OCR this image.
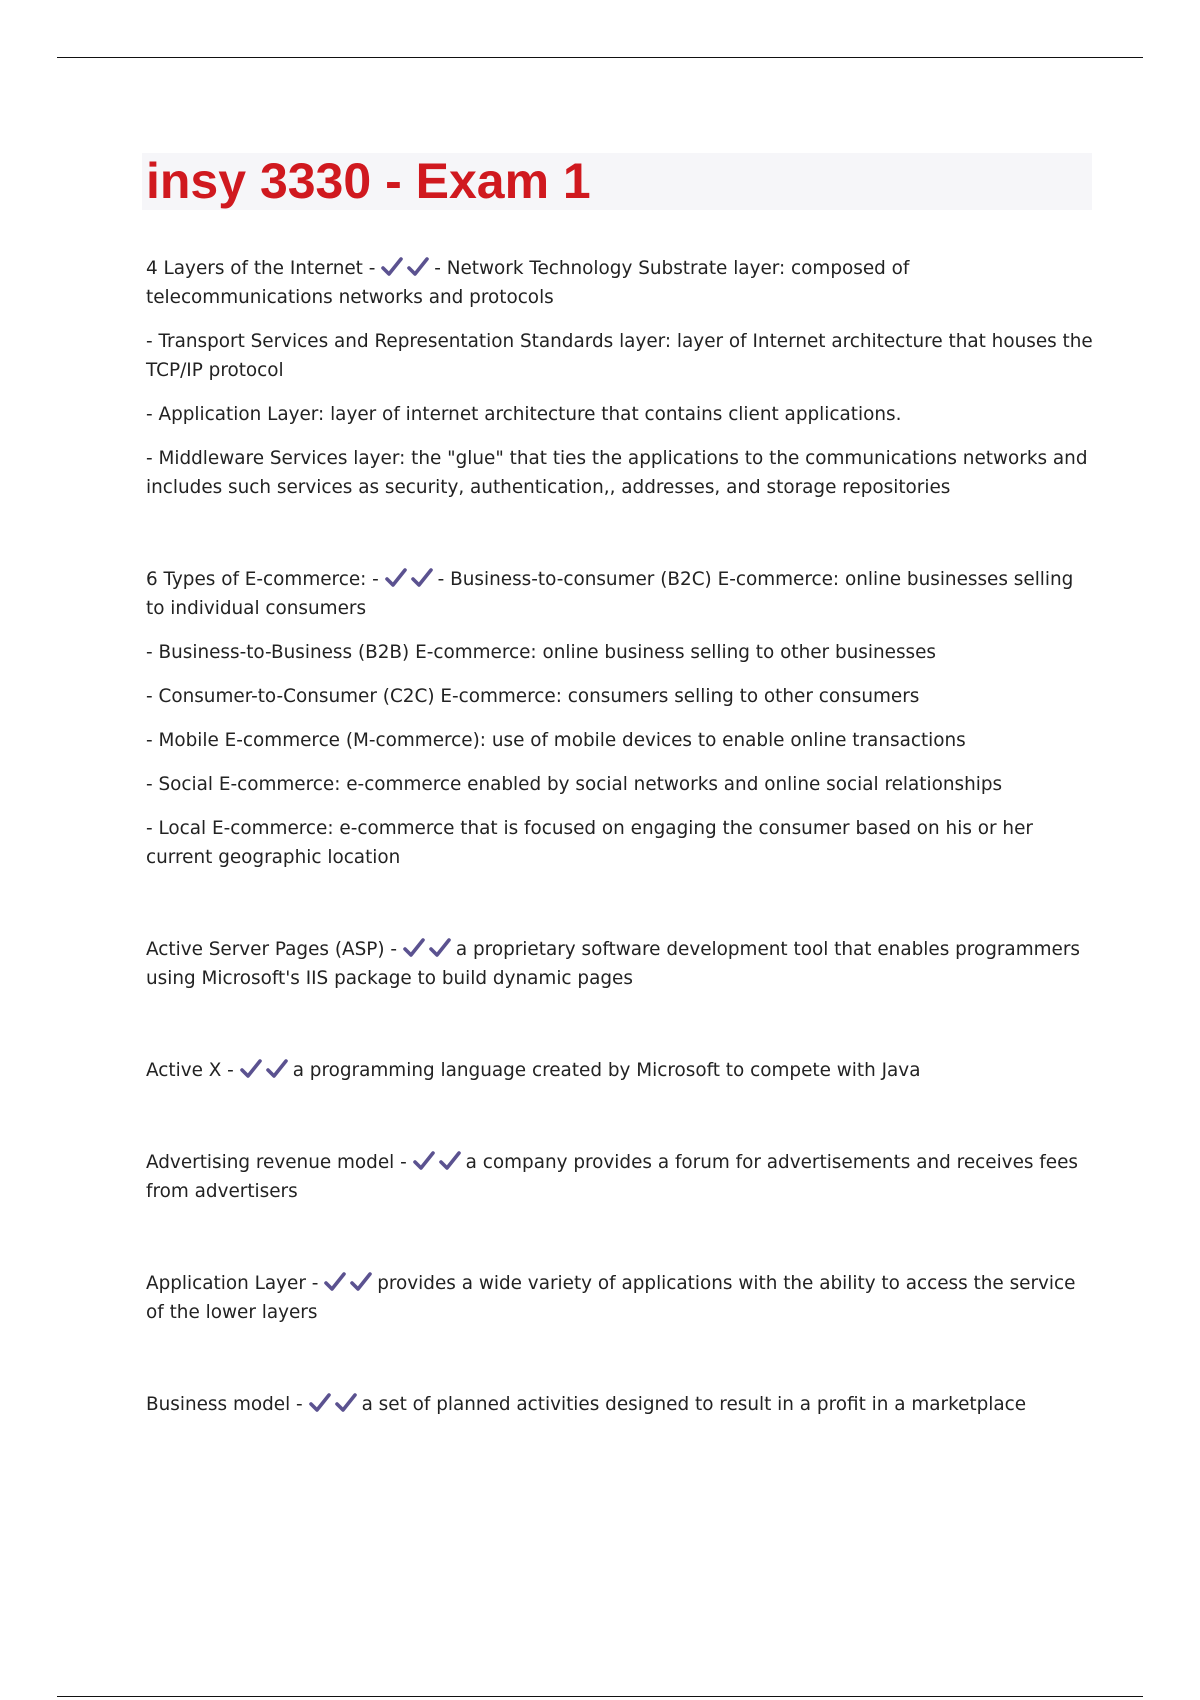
insy 3330 - Exam 1

4 Layers of the Internet -	- Network Technology Substrate layer: composed of telecommunications networks and protocols

- Transport Services and Representation Standards layer: layer of Internet architecture that houses the TCP/IP protocol

- Application Layer: layer of internet architecture that contains client applications.

- Middleware Services layer: the "glue" that ties the applications to the communications networks and includes such services as security, authentication,, addresses, and storage repositories

6 Types of E-commerce: -	- Business-to-consumer (B2C) E-commerce: online businesses selling to individual consumers

- Business-to-Business (B2B) E-commerce: online business selling to other businesses

- Consumer-to-Consumer (C2C) E-commerce: consumers selling to other consumers

- Mobile E-commerce (M-commerce): use of mobile devices to enable online transactions

- Social E-commerce: e-commerce enabled by social networks and online social relationships

- Local E-commerce: e-commerce that is focused on engaging the consumer based on his or her current geographic location

Active Server Pages (ASP) -	a proprietary software development tool that enables programmers using Microsoft's IIS package to build dynamic pages

Active X -	a programming language created by Microsoft to compete with Java

Advertising revenue model -	a company provides a forum for advertisements and receives fees from advertisers

Application Layer -	provides a wide variety of applications with the ability to access the service of the lower layers

Business model -	a set of planned activities designed to result in a profit in a marketplace
